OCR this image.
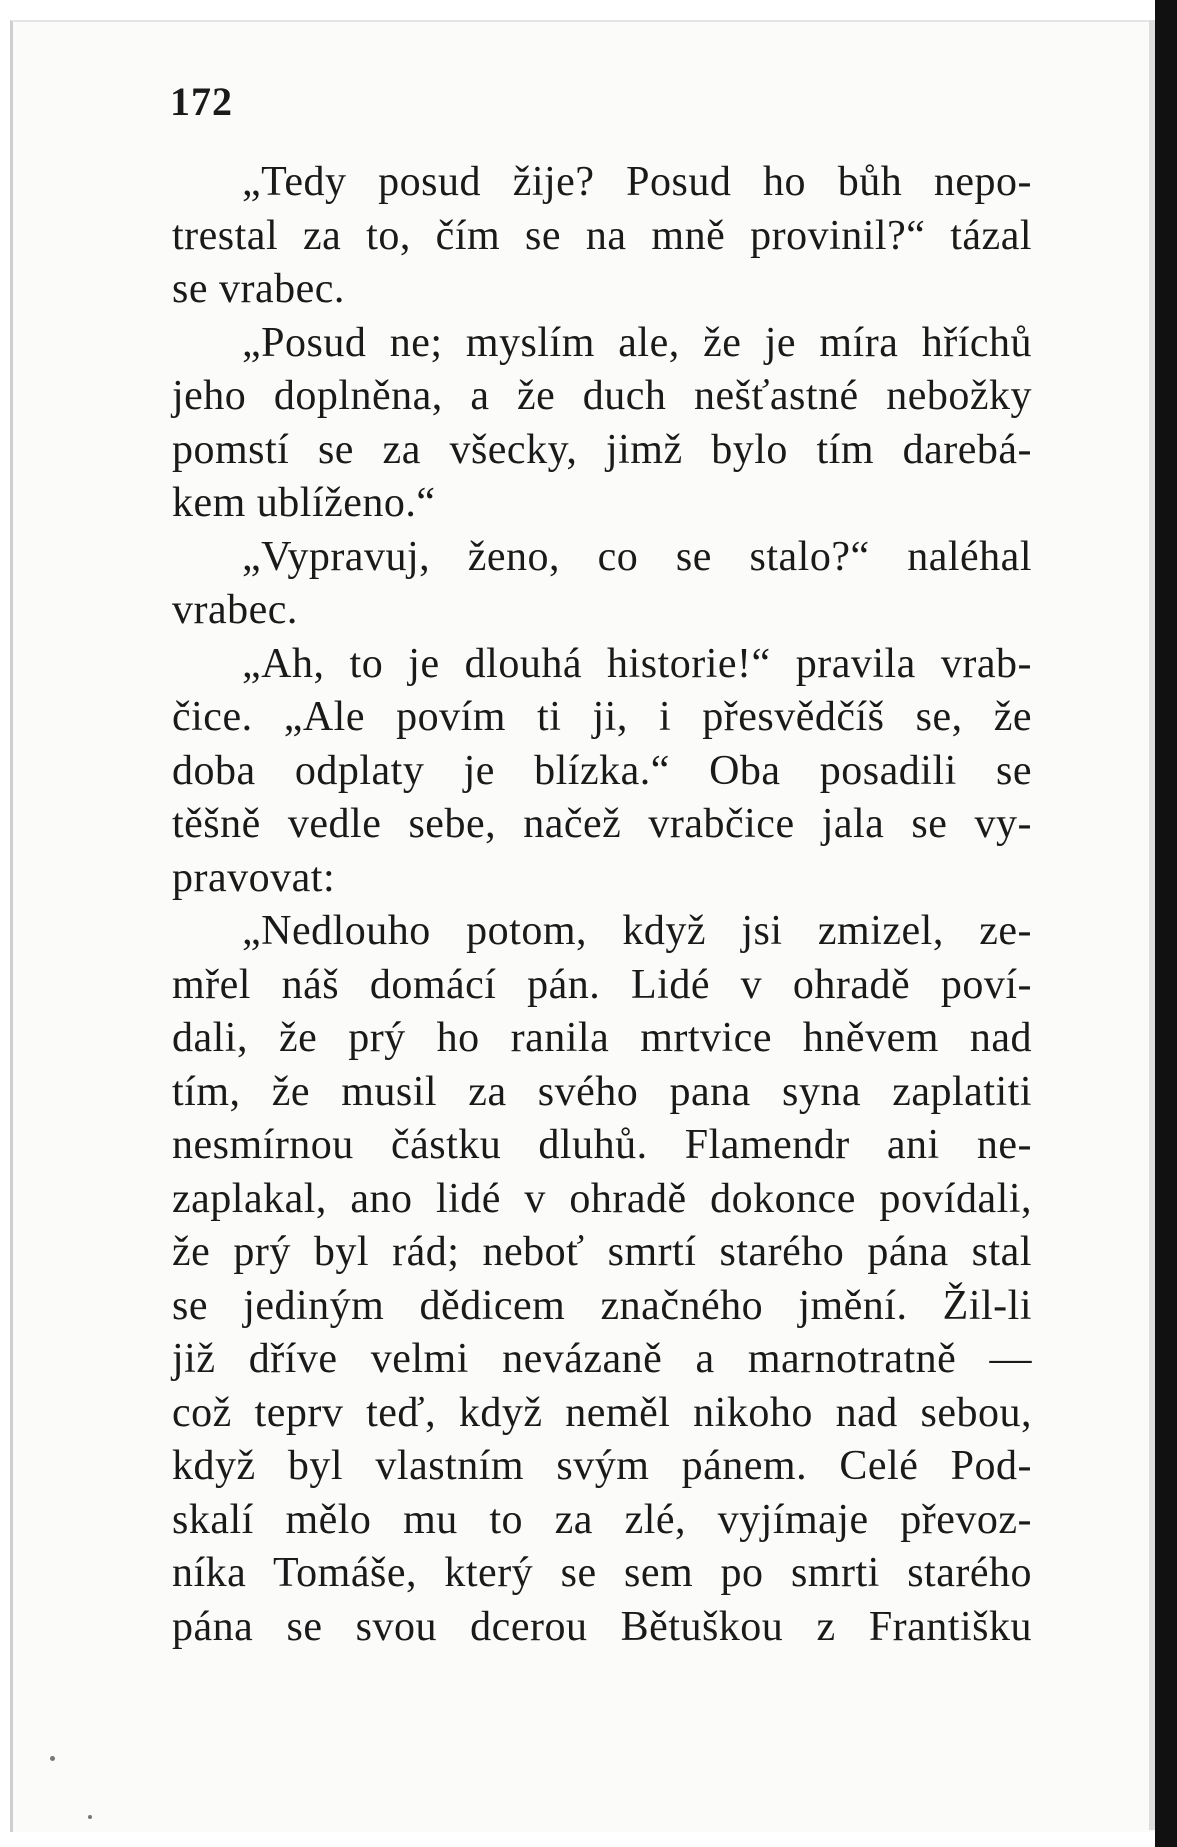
172
„Tedy posud žije? Posud ho bůh nepo-
trestal za to, čím se na mně provinil?“ tázal
se vrabec.
„Posud ne; myslím ale, že je míra hříchů
jeho doplněna, a že duch nešťastné nebožky
pomstí se za všecky, jimž bylo tím darebá-
kem ublíženo.“
„Vypravuj, ženo, co se stalo?“ naléhal
vrabec.
„Ah, to je dlouhá historie!“ pravila vrab-
čice. „Ale povím ti ji, i přesvědčíš se, že
doba odplaty je blízka.“ Oba posadili se
těšně vedle sebe, načež vrabčice jala se vy-
pravovat:
„Nedlouho potom, když jsi zmizel, ze-
mřel náš domácí pán. Lidé v ohradě poví-
dali, že prý ho ranila mrtvice hněvem nad
tím, že musil za svého pana syna zaplatiti
nesmírnou částku dluhů. Flamendr ani ne-
zaplakal, ano lidé v ohradě dokonce povídali,
že prý byl rád; neboť smrtí starého pána stal
se jediným dědicem značného jmění. Žil-li
již dříve velmi nevázaně a marnotratně —
což teprv teď, když neměl nikoho nad sebou,
když byl vlastním svým pánem. Celé Pod-
skalí mělo mu to za zlé, vyjímaje převoz-
níka Tomáše, který se sem po smrti starého
pána se svou dcerou Bětuškou z Františku
